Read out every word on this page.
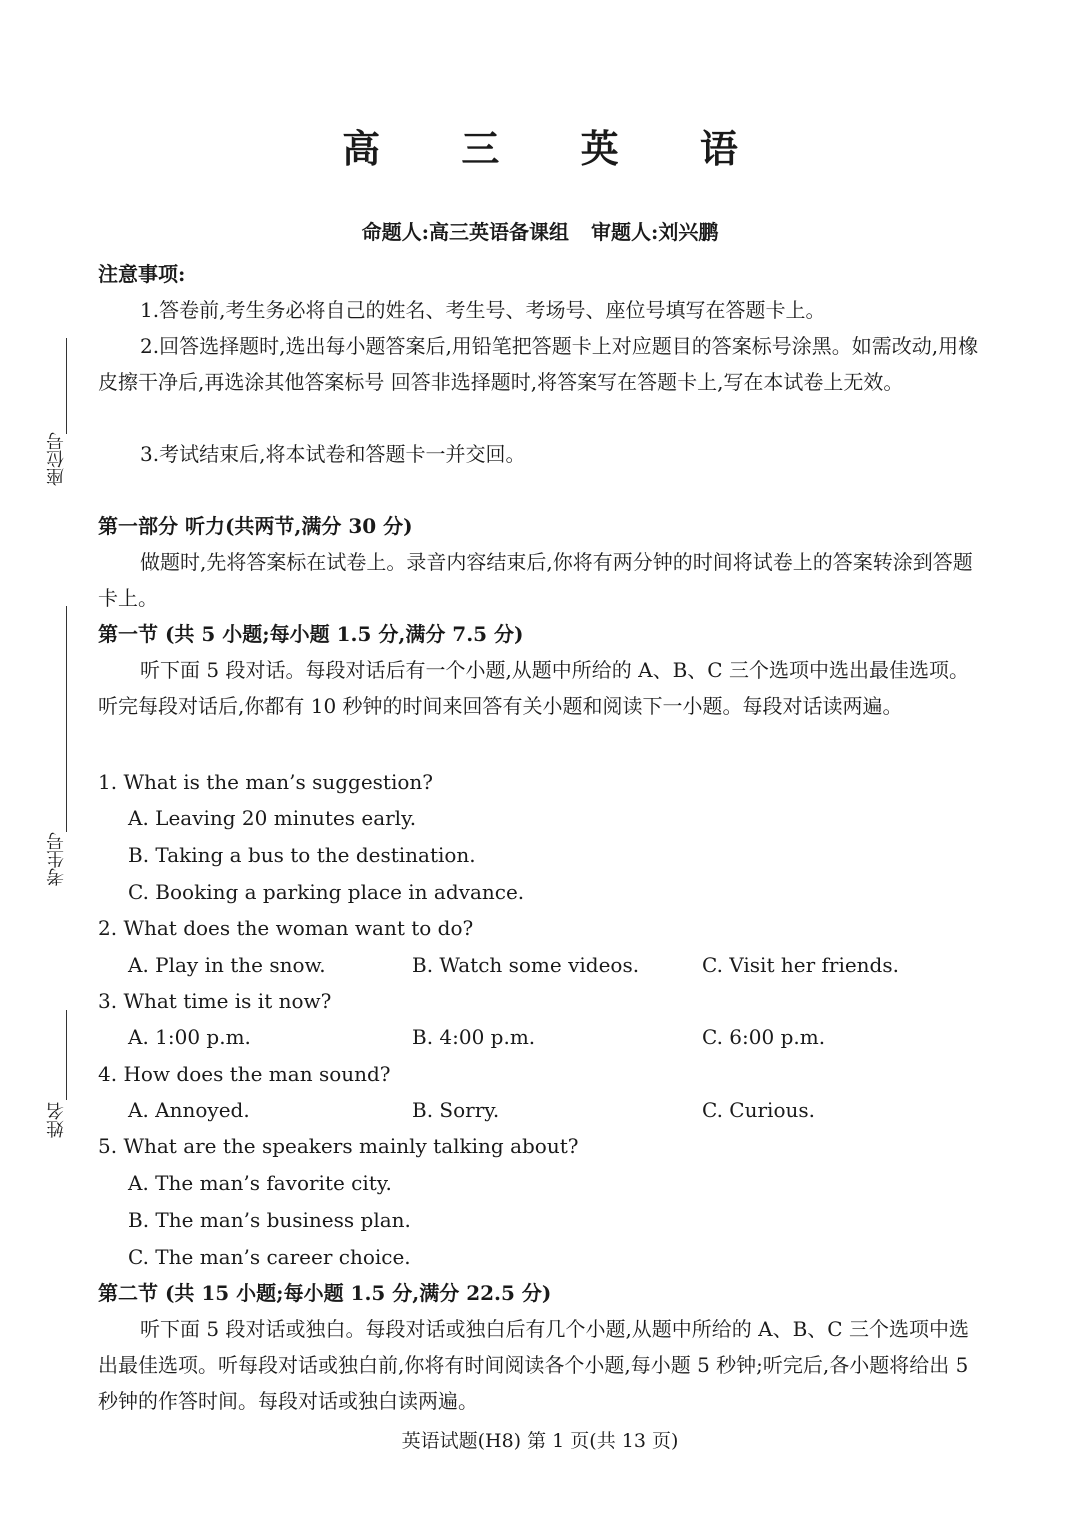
座位号
考生号
姓名
高 三 英 语
命题人:高三英语备课组 审题人:刘兴鹏

注意事项:

1.答卷前,考生务必将自己的姓名、考生号、考场号、座位号填写在答题卡上。

2.回答选择题时,选出每小题答案后,用铅笔把答题卡上对应题目的答案标号涂黑。如需改动,用橡皮擦干净后,再选涂其他答案标号 回答非选择题时,将答案写在答题卡上,写在本试卷上无效。

3.考试结束后,将本试卷和答题卡一并交回。

第一部分 听力(共两节,满分 30 分)

做题时,先将答案标在试卷上。录音内容结束后,你将有两分钟的时间将试卷上的答案转涂到答题卡上。

第一节 (共 5 小题;每小题 1.5 分,满分 7.5 分)

听下面 5 段对话。每段对话后有一个小题,从题中所给的 A、B、C 三个选项中选出最佳选项。听完每段对话后,你都有 10 秒钟的时间来回答有关小题和阅读下一小题。每段对话读两遍。

1. What is the man’s suggestion?
A. Leaving 20 minutes early.
B. Taking a bus to the destination.
C. Booking a parking place in advance.
2. What does the woman want to do?
A. Play in the snow.	B. Watch some videos.	C. Visit her friends.
3. What time is it now?
A. 1:00 p.m.	B. 4:00 p.m.	C. 6:00 p.m.
4. How does the man sound?
A. Annoyed.	B. Sorry.	C. Curious.
5. What are the speakers mainly talking about?
A. The man’s favorite city.
B. The man’s business plan.
C. The man’s career choice.

第二节 (共 15 小题;每小题 1.5 分,满分 22.5 分)

听下面 5 段对话或独白。每段对话或独白后有几个小题,从题中所给的 A、B、C 三个选项中选出最佳选项。听每段对话或独白前,你将有时间阅读各个小题,每小题 5 秒钟;听完后,各小题将给出 5 秒钟的作答时间。每段对话或独白读两遍。

英语试题(H8) 第 1 页(共 13 页)
